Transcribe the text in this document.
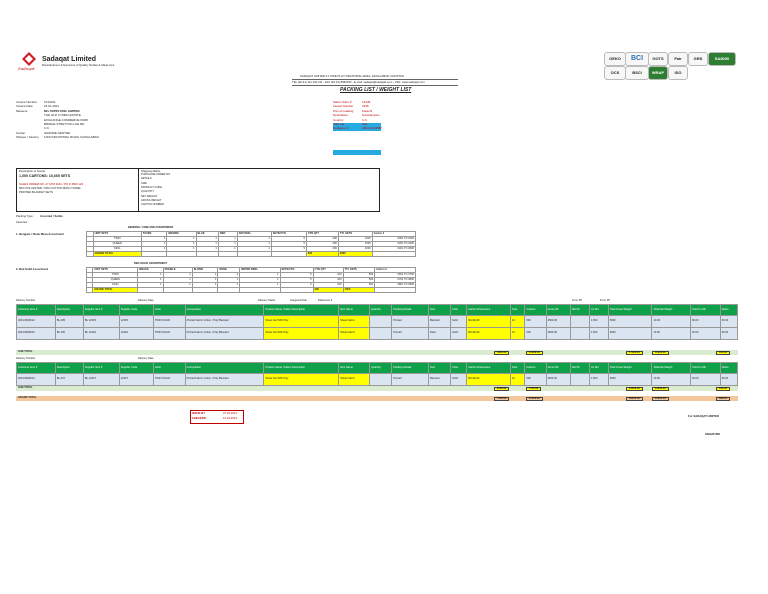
Sadaqat
Sadaqat Limited
Manufacturers & Exporters of Quality Textiles & Made-Ups
OEKO	BCI	GOTS	Fair	GRS	SA8000
OCS	BSCI	WRAP	ISO
SADAQAT LIMITED A 1 PIPE PLOT INDUSTRIAL AREA, FAISALABAD, PAKISTAN
TEL (92-41) 111 100 111 - FAX (92-41) 8860032 - E-mail: sadaqat@sadaqat.com - URL: www.sadaqat.com
PACKING LIST / WEIGHT LIST
Invoice Number 1010101
Invoice Date	15.01.2021
Messers	M/s SUPPLYING LIMITED
THE OLD CYMRU ESTATE
EXCHANGE COMMERCE PARK
BRIDGE STRETTON LUE RD
U.K.
Carrier	GRANDE GENTRE
Shipper / Factory 1/0/6 INDUSTRIAL ROAD, FAISALABAD
Sales Order #	12345
Vessel Number	3345
Port of Loading	Karachi
Destination	Southampton
Country	U.K.
Ship Via	Sea
Container #	ABCU1234567
Description of Goods
1,000 CARTONS: 10,665 SETS
SALES ORDER NO. 27 ATM 2021 / PO # 4500 123
50% POLYESTER / 50% COTTON BATH TOWEL
PRINTED BLANKET SETS
Shipping Marks
PURCHASE ORDER NO.
DETAILS
SIZE
PRODUCT CODE
QUANTITY
NET WEIGHT
GROSS WEIGHT
CARTON NUMBER
Packing Type : Assorted / Solids
Assorted :
1. Bungalo / Sleek Mesa Assortment
BEDDING / CRIB AND ASSORTMENT
	UNIT SETS	TAUPE	BROWN	BLUE	RED	NATURAL	SETS/CTN	CTN QTY	TTL SETS	Carton #
	TWIN	1	1	1	1	1	5	200	1000	0001 TO 0200
	QUEEN	1	1	1	1	1	5	200	1000	0201 TO 0400
	KING	1	1	1	1	1	5	200	1000	0401 TO 0600
	GRAND TOTAL							600	3000	
2. Red Solid Assortment
RED SOLID ASSORTMENT
	UNIT SETS	BRASS	DOUBLE	SLIVER	ROSE	WATER RING	SETS/CTN	CTN QTY	TTL SETS	Carton #
	TWIN	1	1	1	1	1	5	100	500	0601 TO 0700
	QUEEN	1	1	1	1	1	5	100	500	0701 TO 0800
	KING	1	1	1	1	1	5	100	500	0801 TO 0900
	GRAND TOTAL							300	1500	
Delivery Number	Delivery Date	Delivery Status	Assigned Date	Reference #	From PP	From PP
Customer Item #	Description	Supplier Item #	Supplier Code	Color	Composition	Product Name / Fabric Description	Item Name	Quantity	Packing Details	Size	Color	Carton Dimensions	Sets	Cartons	Gross Wt	Net Wt	Cu Mtr	Total Gross Weight	Total Net Weight	Total Cu Mtr	Notes
4001 8000012	BL 435	BL 12345	12345	TWIN SOLID	Printed Fabric Cotton / Poly Blended	Sheet Set 50% Poly	Sheet Fabric		Printed	Blended	Solid	60x40x30	10	500	2500.00		1,500	5000	10.00	60.00	60.00
4001 8000013	BL 436	BL 12346	12346	TWIN SOLID	Printed Fabric Cotton / Poly Blended	Sheet Set 50% Poly	Sheet Fabric		Printed	Plain	Solid	60x40x30	10	500	2500.00		1,500	5000	10.00	60.00	60.00
SUB TOTAL	5000.00	15000.00	17600.00	10000.00	165.00
Delivery Number	Delivery Date
Customer Item #	Description	Supplier Item #	Supplier Code	Color	Composition	Product Name / Fabric Description	Item Name	Quantity	Packing Details	Size	Color	Carton Dimensions	Sets	Cartons	Gross Wt	Net Wt	Cu Mtr	Total Gross Weight	Total Net Weight	Total Cu Mtr	Notes
4001 8000014	BL 437	BL 12347	12347	TWIN SOLID	Printed Fabric Cotton / Poly Blended	Sheet Set 50% Poly	Sheet Fabric		Printed	Blended	Solid	60x40x30	10	500	2500.00		1,500	5000	10.00	60.00	60.00
SUB TOTAL	2500.00	7500.00	12600.00	10000.00	165.00
GRAND TOTAL	7500.00	22500.00	30200.00	20000.00	330.00
ISSUE BY	07.04.2021
CHECKED	12.04.2021	For SADAQAT LIMITED
SIGNATURE
